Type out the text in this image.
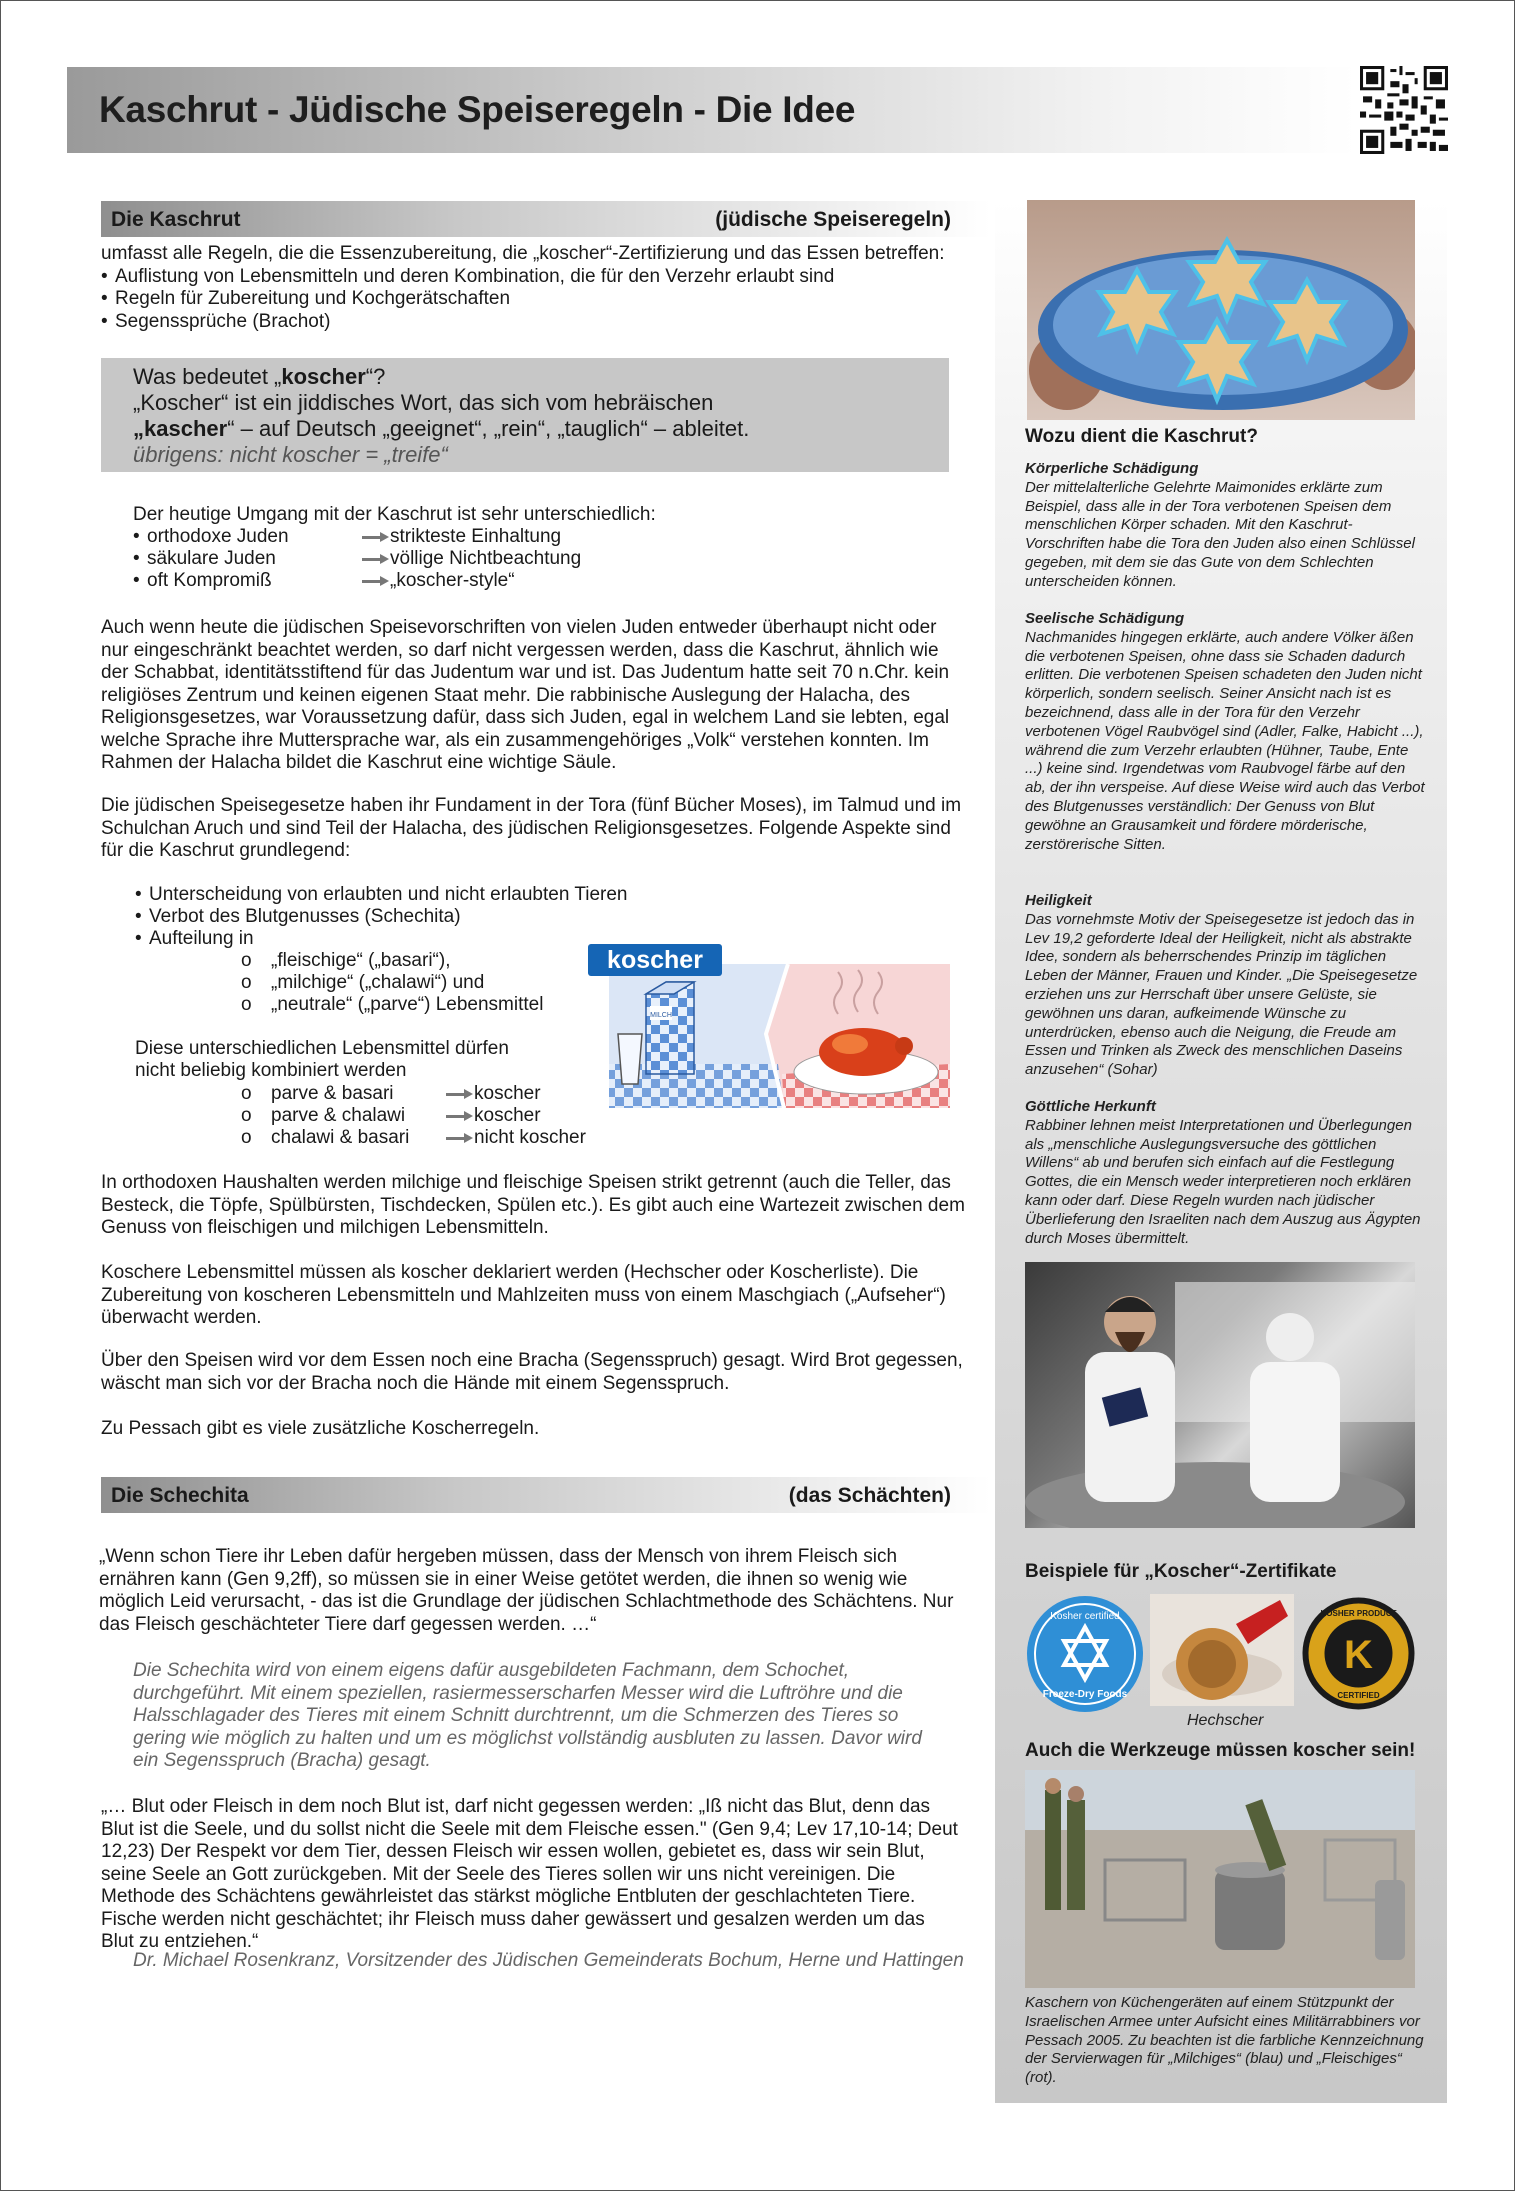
Kaschrut - Jüdische Speiseregeln - Die Idee
Die Kaschrut	(jüdische Speiseregeln)

umfasst alle Regeln, die die Essenzubereitung, die „koscher“-Zertifizierung und das Essen betreffen:

• Auflistung von Lebensmitteln und deren Kombination, die für den Verzehr erlaubt sind

• Regeln für Zubereitung und Kochgerätschaften

• Segenssprüche (Brachot)

Was bedeutet „koscher“?
„Koscher“ ist ein jiddisches Wort, das sich vom hebräischen
„kascher“ – auf Deutsch „geeignet“, „rein“, „tauglich“ – ableitet.
übrigens: nicht koscher = „treife“
Der heutige Umgang mit der Kaschrut ist sehr unterschiedlich:
• orthodoxe Juden	strikteste Einhaltung
• säkulare Juden	völlige Nichtbeachtung
• oft Kompromiß	„koscher-style“
Auch wenn heute die jüdischen Speisevorschriften von vielen Juden entweder überhaupt nicht oder nur eingeschränkt beachtet werden, so darf nicht vergessen werden, dass die Kaschrut, ähnlich wie der Schabbat, identitätsstiftend für das Judentum war und ist. Das Judentum hatte seit 70 n.Chr. kein religiöses Zentrum und keinen eigenen Staat mehr. Die rabbinische Auslegung der Halacha, des Religionsgesetzes, war Voraussetzung dafür, dass sich Juden, egal in welchem Land sie lebten, egal welche Sprache ihre Muttersprache war, als ein zusammengehöriges „Volk“ verstehen konnten. Im Rahmen der Halacha bildet die Kaschrut eine wichtige Säule.
Die jüdischen Speisegesetze haben ihr Fundament in der Tora (fünf Bücher Moses), im Talmud und im Schulchan Aruch und sind Teil der Halacha, des jüdischen Religionsgesetzes. Folgende Aspekte sind für die Kaschrut grundlegend:
• Unterscheidung von erlaubten und nicht erlaubten Tieren
• Verbot des Blutgenusses (Schechita)
• Aufteilung in
o „fleischige“ („basari“),
o „milchige“ („chalawi“) und
o „neutrale“ („parve“) Lebensmittel
Diese unterschiedlichen Lebensmittel dürfen
nicht beliebig kombiniert werden
o parve & basari	koscher
o parve & chalawi	koscher
o chalawi & basari	nicht koscher
koscher
MILCH
In orthodoxen Haushalten werden milchige und fleischige Speisen strikt getrennt (auch die Teller, das Besteck, die Töpfe, Spülbürsten, Tischdecken, Spülen etc.). Es gibt auch eine Wartezeit zwischen dem Genuss von fleischigen und milchigen Lebensmitteln.
Koschere Lebensmittel müssen als koscher deklariert werden (Hechscher oder Koscherliste). Die Zubereitung von koscheren Lebensmitteln und Mahlzeiten muss von einem Maschgiach („Aufseher“) überwacht werden.
Über den Speisen wird vor dem Essen noch eine Bracha (Segensspruch) gesagt. Wird Brot gegessen, wäscht man sich vor der Bracha noch die Hände mit einem Segensspruch.
Zu Pessach gibt es viele zusätzliche Koscherregeln.
Die Schechita	(das Schächten)
„Wenn schon Tiere ihr Leben dafür hergeben müssen, dass der Mensch von ihrem Fleisch sich ernähren kann (Gen 9,2ff), so müssen sie in einer Weise getötet werden, die ihnen so wenig wie möglich Leid verursacht, - das ist die Grundlage der jüdischen Schlachtmethode des Schächtens. Nur das Fleisch geschächteter Tiere darf gegessen werden. …“
Die Schechita wird von einem eigens dafür ausgebildeten Fachmann, dem Schochet, durchgeführt. Mit einem speziellen, rasiermesserscharfen Messer wird die Luftröhre und die Halsschlagader des Tieres mit einem Schnitt durchtrennt, um die Schmerzen des Tieres so gering wie möglich zu halten und um es möglichst vollständig ausbluten zu lassen. Davor wird ein Segensspruch (Bracha) gesagt.
„… Blut oder Fleisch in dem noch Blut ist, darf nicht gegessen werden: „Iß nicht das Blut, denn das Blut ist die Seele, und du sollst nicht die Seele mit dem Fleische essen." (Gen 9,4; Lev 17,10-14; Deut 12,23) Der Respekt vor dem Tier, dessen Fleisch wir essen wollen, gebietet es, dass wir sein Blut, seine Seele an Gott zurückgeben. Mit der Seele des Tieres sollen wir uns nicht vereinigen. Die Methode des Schächtens gewährleistet das stärkst mögliche Entbluten der geschlachteten Tiere. Fische werden nicht geschächtet; ihr Fleisch muss daher gewässert und gesalzen werden um das Blut zu entziehen.“
Dr. Michael Rosenkranz, Vorsitzender des Jüdischen Gemeinderats Bochum, Herne und Hattingen
Wozu dient die Kaschrut?
Körperliche Schädigung
Der mittelalterliche Gelehrte Maimonides erklärte zum Beispiel, dass alle in der Tora verbotenen Speisen dem menschlichen Körper schaden. Mit den Kaschrut-Vorschriften habe die Tora den Juden also einen Schlüssel gegeben, mit dem sie das Gute von dem Schlechten unterscheiden können.
Seelische Schädigung
Nachmanides hingegen erklärte, auch andere Völker äßen die verbotenen Speisen, ohne dass sie Schaden dadurch erlitten. Die verbotenen Speisen schadeten den Juden nicht körperlich, sondern seelisch. Seiner Ansicht nach ist es bezeichnend, dass alle in der Tora für den Verzehr verbotenen Vögel Raubvögel sind (Adler, Falke, Habicht ...), während die zum Verzehr erlaubten (Hühner, Taube, Ente ...) keine sind. Irgendetwas vom Raubvogel färbe auf den ab, der ihn verspeise. Auf diese Weise wird auch das Verbot des Blutgenusses verständlich: Der Genuss von Blut gewöhne an Grausamkeit und fördere mörderische, zerstörerische Sitten.
Heiligkeit
Das vornehmste Motiv der Speisegesetze ist jedoch das in Lev 19,2 geforderte Ideal der Heiligkeit, nicht als abstrakte Idee, sondern als beherrschendes Prinzip im täglichen Leben der Männer, Frauen und Kinder. „Die Speisegesetze erziehen uns zur Herrschaft über unsere Gelüste, sie gewöhnen uns daran, aufkeimende Wünsche zu unterdrücken, ebenso auch die Neigung, die Freude am Essen und Trinken als Zweck des menschlichen Daseins anzusehen“ (Sohar)
Göttliche Herkunft
Rabbiner lehnen meist Interpretationen und Überlegungen als „menschliche Auslegungsversuche des göttlichen Willens“ ab und berufen sich einfach auf die Festlegung Gottes, die ein Mensch weder interpretieren noch erklären kann oder darf. Diese Regeln wurden nach jüdischer Überlieferung den Israeliten nach dem Auszug aus Ägypten durch Moses übermittelt.
Beispiele für „Koscher“-Zertifikate
Kosher certified
Freeze-Dry Foods
K
KOSHER PRODUCT
CERTIFIED
Hechscher
Auch die Werkzeuge müssen koscher sein!
Kaschern von Küchengeräten auf einem Stützpunkt der Israelischen Armee unter Aufsicht eines Militärrabbiners vor Pessach 2005. Zu beachten ist die farbliche Kennzeichnung der Servierwagen für „Milchiges“ (blau) und „Fleischiges“ (rot).
